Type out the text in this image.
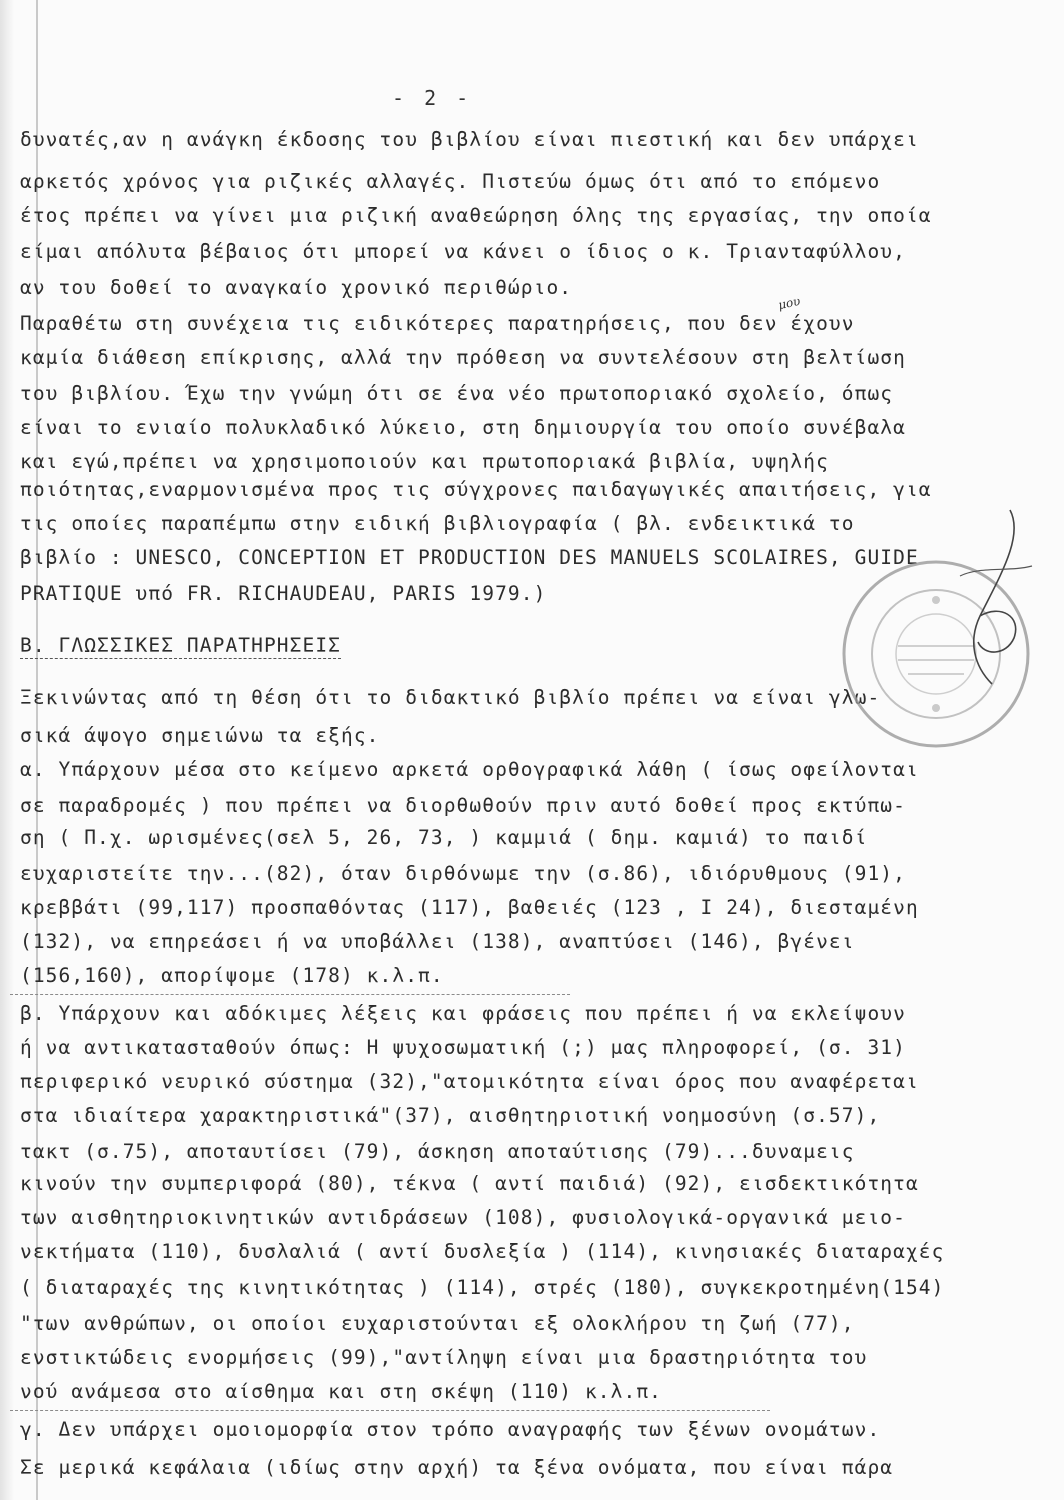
- 2 -
δυνατές,αν η ανάγκη έκδοσης του βιβλίου είναι πιεστική και δεν υπάρχει
αρκετός χρόνος για ριζικές αλλαγές. Πιστεύω όμως ότι από το επόμενο
έτος πρέπει να γίνει μια ριζική αναθεώρηση όλης της εργασίας, την οποία
είμαι απόλυτα βέβαιος ότι μπορεί να κάνει ο ίδιος ο κ. Τριανταφύλλου,
αν του δοθεί το αναγκαίο χρονικό περιθώριο.
Παραθέτω στη συνέχεια τις ειδικότερες παρατηρήσεις, που δεν έχουν
καμία διάθεση επίκρισης, αλλά την πρόθεση να συντελέσουν στη βελτίωση
του βιβλίου. Έχω την γνώμη ότι σε ένα νέο πρωτοποριακό σχολείο, όπως
είναι το ενιαίο πολυκλαδικό λύκειο, στη δημιουργία του οποίο συνέβαλα
και εγώ,πρέπει να χρησιμοποιούν και πρωτοποριακά βιβλία, υψηλής
ποιότητας,εναρμονισμένα προς τις σύγχρονες παιδαγωγικές απαιτήσεις, για
τις οποίες παραπέμπω στην ειδική βιβλιογραφία ( βλ. ενδεικτικά το
βιβλίο : UNESCO, CONCEPTION ET PRODUCTION DES MANUELS SCOLAIRES, GUIDE
PRATIQUE υπό FR. RICHAUDEAU, PARIS 1979.)
Β. ΓΛΩΣΣΙΚΕΣ ΠΑΡΑΤΗΡΗΣΕΙΣ
Ξεκινώντας από τη θέση ότι το διδακτικό βιβλίο πρέπει να είναι γλω-
σικά άψογο σημειώνω τα εξής.
α. Υπάρχουν μέσα στο κείμενο αρκετά ορθογραφικά λάθη ( ίσως οφείλονται
σε παραδρομές ) που πρέπει να διορθωθούν πριν αυτό δοθεί προς εκτύπω-
ση ( Π.χ. ωρισμένες(σελ 5, 26, 73, ) καμμιά ( δημ. καμιά) το παιδί
ευχαριστείτε την...(82), όταν διρθόνωμε την (σ.86), ιδιόρυθμους (91),
κρεββάτι (99,117) προσπαθόντας (117), βαθειές (123 , I 24), διεσταμένη
(132), να επηρεάσει ή να υποβάλλει (138), αναπτύσει (146), βγένει
(156,160), απορίψομε (178) κ.λ.π.
β. Υπάρχουν και αδόκιμες λέξεις και φράσεις που πρέπει ή να εκλείψουν
ή να αντικατασταθούν όπως: Η ψυχοσωματική (;) μας πληροφορεί, (σ. 31)
περιφερικό νευρικό σύστημα (32),"ατομικότητα είναι όρος που αναφέρεται
στα ιδιαίτερα χαρακτηριστικά"(37), αισθητηριοτική νοημοσύνη (σ.57),
τακτ (σ.75), αποταυτίσει (79), άσκηση αποταύτισης (79)...δυναμεις
κινούν την συμπεριφορά (80), τέκνα ( αντί παιδιά) (92), εισδεκτικότητα
των αισθητηριοκινητικών αντιδράσεων (108), φυσιολογικά-οργανικά μειο-
νεκτήματα (110), δυσλαλιά ( αντί δυσλεξία ) (114), κινησιακές διαταραχές
( διαταραχές της κινητικότητας ) (114), στρές (180), συγκεκροτημένη(154)
"των ανθρώπων, οι οποίοι ευχαριστούνται εξ ολοκλήρου τη ζωή (77),
ενστικτώδεις ενορμήσεις (99),"αντίληψη είναι μια δραστηριότητα του
νού ανάμεσα στο αίσθημα και στη σκέψη (110) κ.λ.π.
γ. Δεν υπάρχει ομοιομορφία στον τρόπο αναγραφής των ξένων ονομάτων.
Σε μερικά κεφάλαια (ιδίως στην αρχή) τα ξένα ονόματα, που είναι πάρα
μου
